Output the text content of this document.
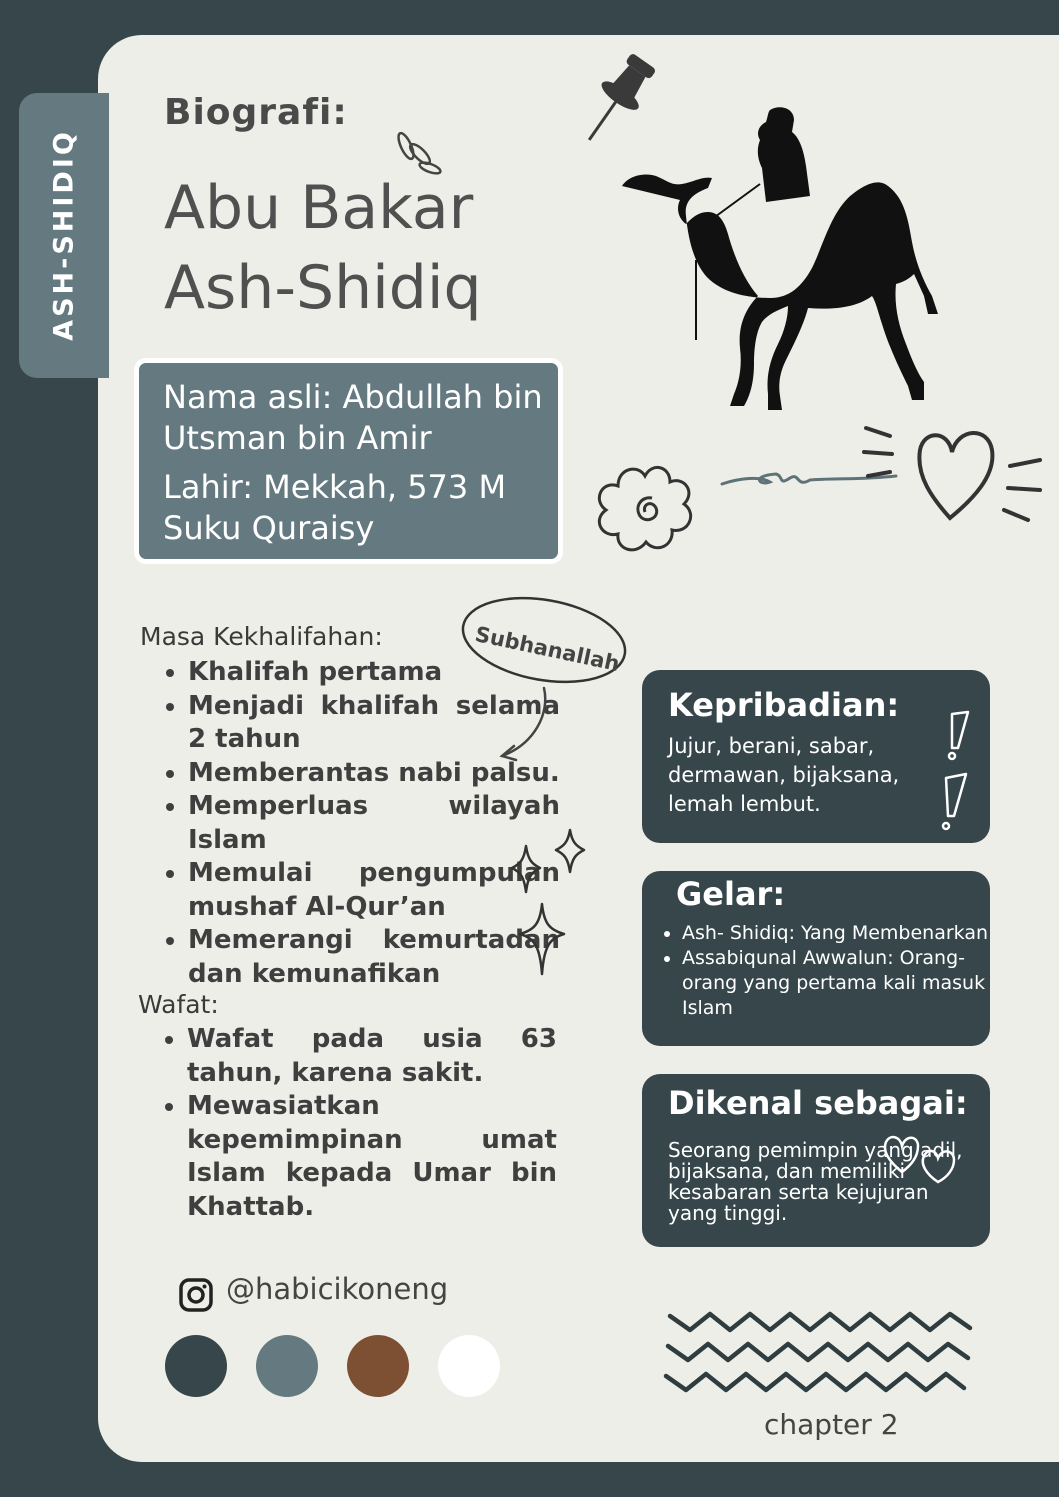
ASH-SHIDIQ
Biografi:
Abu Bakar
Ash-Shidiq
Nama asli: Abdullah bin
Utsman bin Amir
Lahir: Mekkah, 573 M
Suku Quraisy
Subhanallah
Masa Kekhalifahan:
• Khalifah pertama
• Menjadi khalifah selama 2 tahun
• Memberantas nabi palsu.
• Memperluas wilayah Islam
• Memulai pengumpulan mushaf Al-Qur’an
• Memerangi kemurtadan dan kemunafikan
Wafat:
• Wafat pada usia 63 tahun, karena sakit.
• Mewasiatkan kepemimpinan umat Islam kepada Umar bin Khattab.
Kepribadian:

Jujur, berani, sabar, dermawan, bijaksana, lemah lembut.

Gelar:
• Ash- Shidiq: Yang Membenarkan
• Assabiqunal Awwalun: Orang-orang yang pertama kali masuk Islam
Dikenal sebagai:

Seorang pemimpin yang adil, bijaksana, dan memiliki kesabaran serta kejujuran yang tinggi.

@habicikoneng
chapter 2
